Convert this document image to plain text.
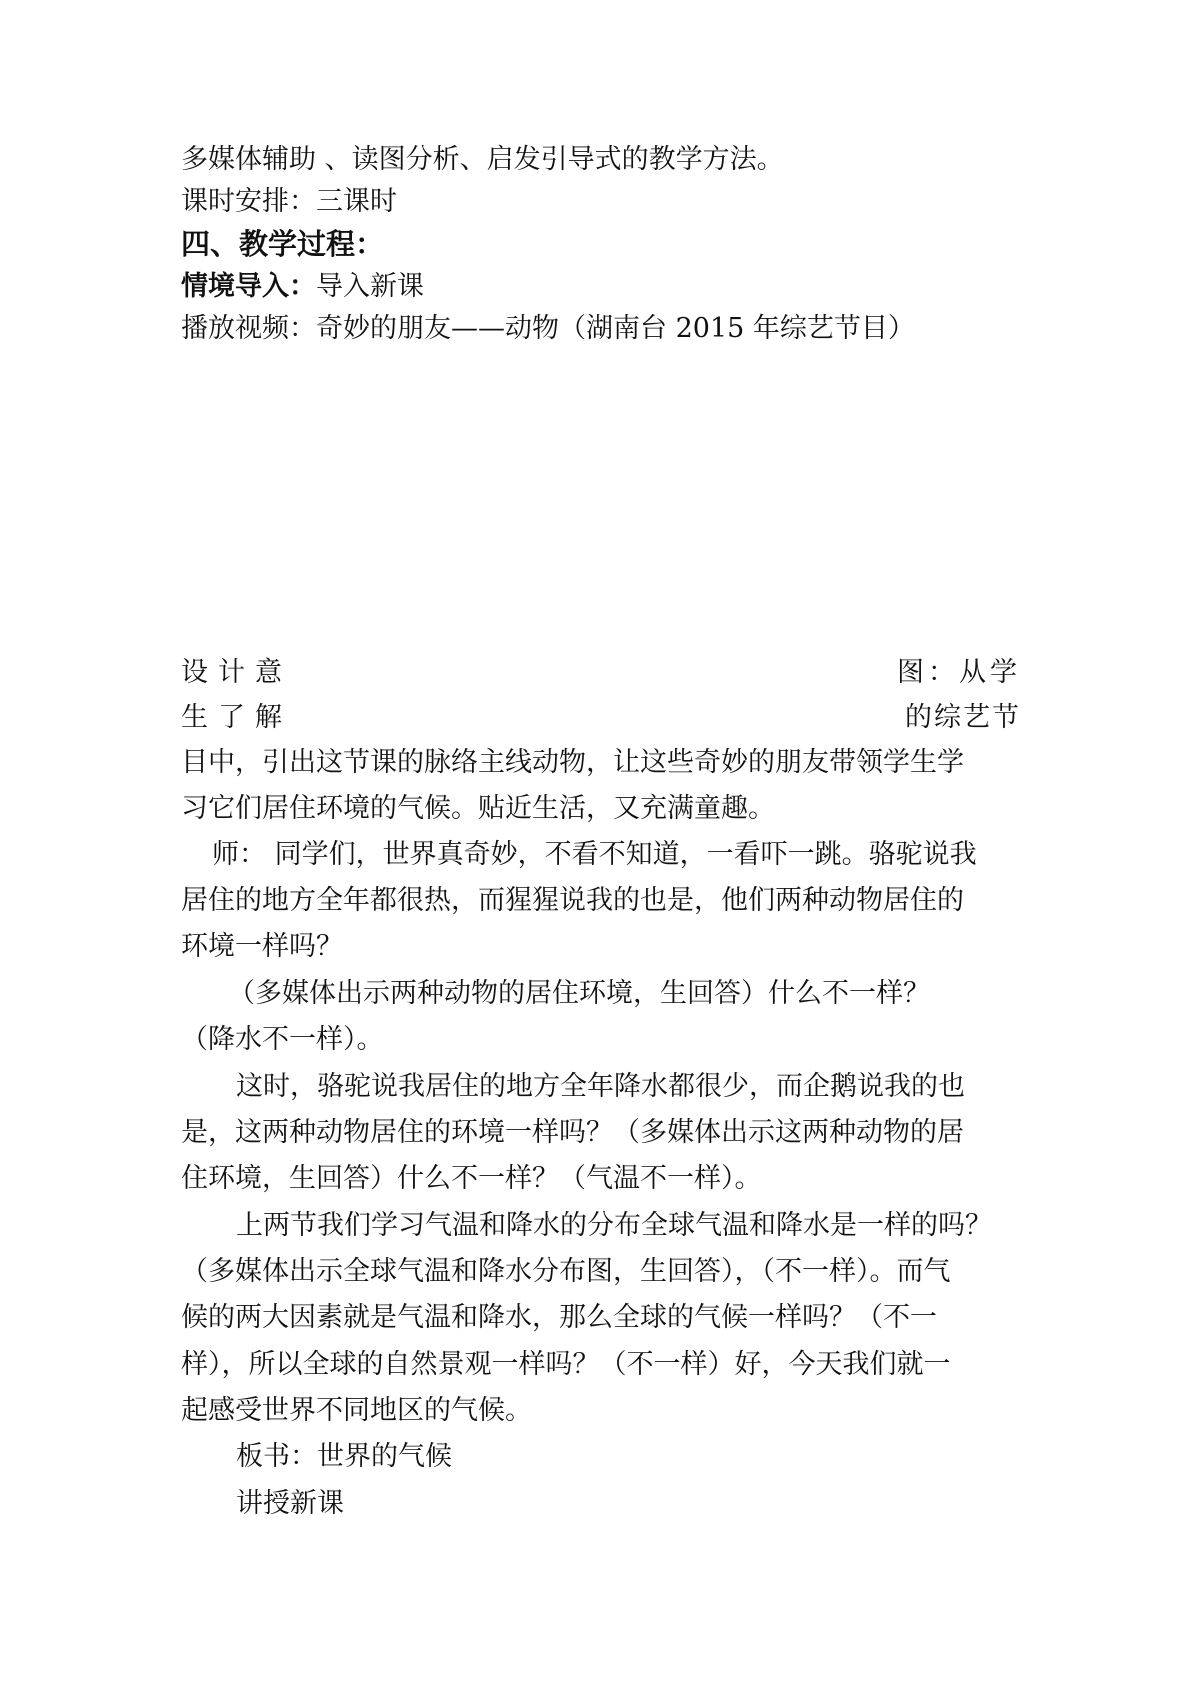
多媒体辅助 、读图分析、启发引导式的教学方法。
课时安排：三课时
四、教学过程：
情境导入：导入新课
播放视频：奇妙的朋友——动物（湖南台 2015 年综艺节目）
设计意	图：从学
生了解	的综艺节
目中，引出这节课的脉络主线动物，让这些奇妙的朋友带领学生学
习它们居住环境的气候。贴近生活，又充满童趣。
师： 同学们，世界真奇妙，不看不知道，一看吓一跳。骆驼说我
居住的地方全年都很热，而猩猩说我的也是，他们两种动物居住的
环境一样吗？
（多媒体出示两种动物的居住环境，生回答）什么不一样？
（降水不一样）。
这时，骆驼说我居住的地方全年降水都很少，而企鹅说我的也
是，这两种动物居住的环境一样吗？（多媒体出示这两种动物的居
住环境，生回答）什么不一样？（气温不一样）。
上两节我们学习气温和降水的分布全球气温和降水是一样的吗？
（多媒体出示全球气温和降水分布图，生回答），（不一样）。而气
候的两大因素就是气温和降水，那么全球的气候一样吗？（不一
样），所以全球的自然景观一样吗？（不一样）好，今天我们就一
起感受世界不同地区的气候。
板书：世界的气候
讲授新课
